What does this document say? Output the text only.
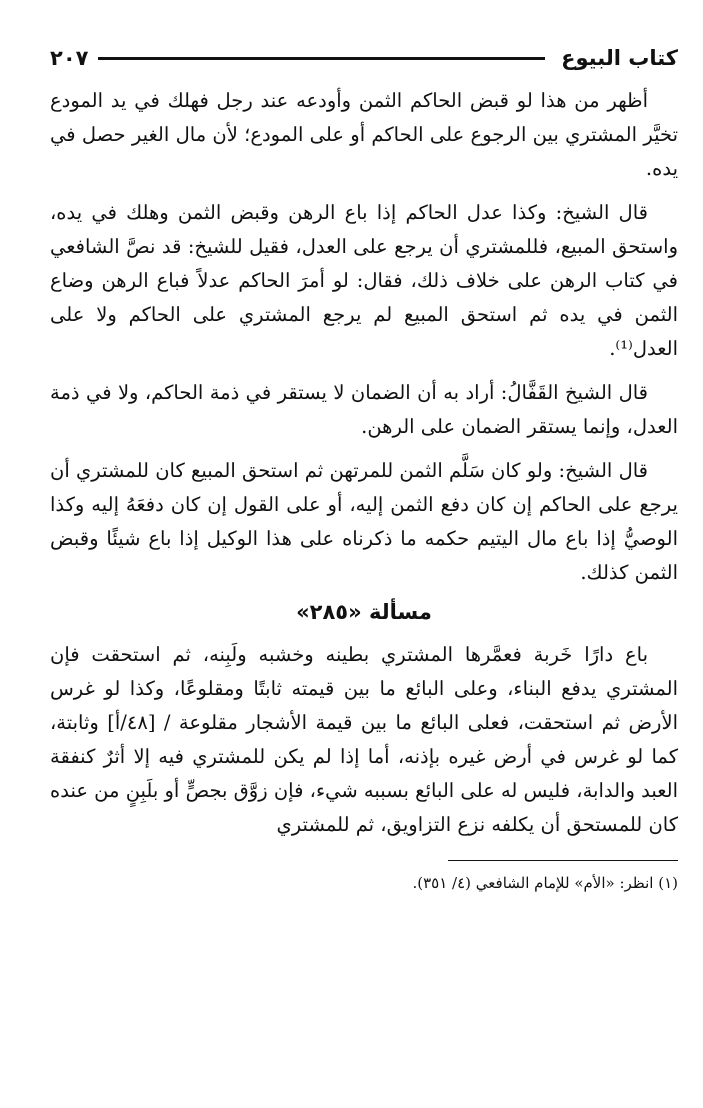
كتاب البيوع
٢٠٧

أظهر من هذا لو قبض الحاكم الثمن وأودعه عند رجل فهلك في يد المودع تخيَّر المشتري بين الرجوع على الحاكم أو على المودع؛ لأن مال الغير حصل في يده.

قال الشيخ: وكذا عدل الحاكم إذا باع الرهن وقبض الثمن وهلك في يده، واستحق المبيع، فللمشتري أن يرجع على العدل، فقيل للشيخ: قد نصَّ الشافعي في كتاب الرهن على خلاف ذلك، فقال: لو أمرَ الحاكم عدلاً فباع الرهن وضاع الثمن في يده ثم استحق المبيع لم يرجع المشتري على الحاكم ولا على العدل⁽¹⁾.

قال الشيخ القَفَّالُ: أراد به أن الضمان لا يستقر في ذمة الحاكم، ولا في ذمة العدل، وإنما يستقر الضمان على الرهن.

قال الشيخ: ولو كان سَلَّم الثمن للمرتهن ثم استحق المبيع كان للمشتري أن يرجع على الحاكم إن كان دفع الثمن إليه، أو على القول إن كان دفعَهُ إليه وكذا الوصيُّ إذا باع مال اليتيم حكمه ما ذكرناه على هذا الوكيل إذا باع شيئًا وقبض الثمن كذلك.

مسألة «٢٨٥»

باع دارًا خَربة فعمَّرها المشتري بطينه وخشبه ولَبِنه، ثم استحقت فإن المشتري يدفع البناء، وعلى البائع ما بين قيمته ثابتًا ومقلوعًا، وكذا لو غرس الأرض ثم استحقت، فعلى البائع ما بين قيمة الأشجار مقلوعة / [٤٨/أ] وثابتة، كما لو غرس في أرض غيره بإذنه، أما إذا لم يكن للمشتري فيه إلا أثرٌ كنفقة العبد والدابة، فليس له على البائع بسببه شيء، فإن زوَّق بجصٍّ أو بلَبِنٍ من عنده كان للمستحق أن يكلفه نزع التزاويق، ثم للمشتري

(١) انظر: «الأم» للإمام الشافعي (٤/ ٣٥١).
